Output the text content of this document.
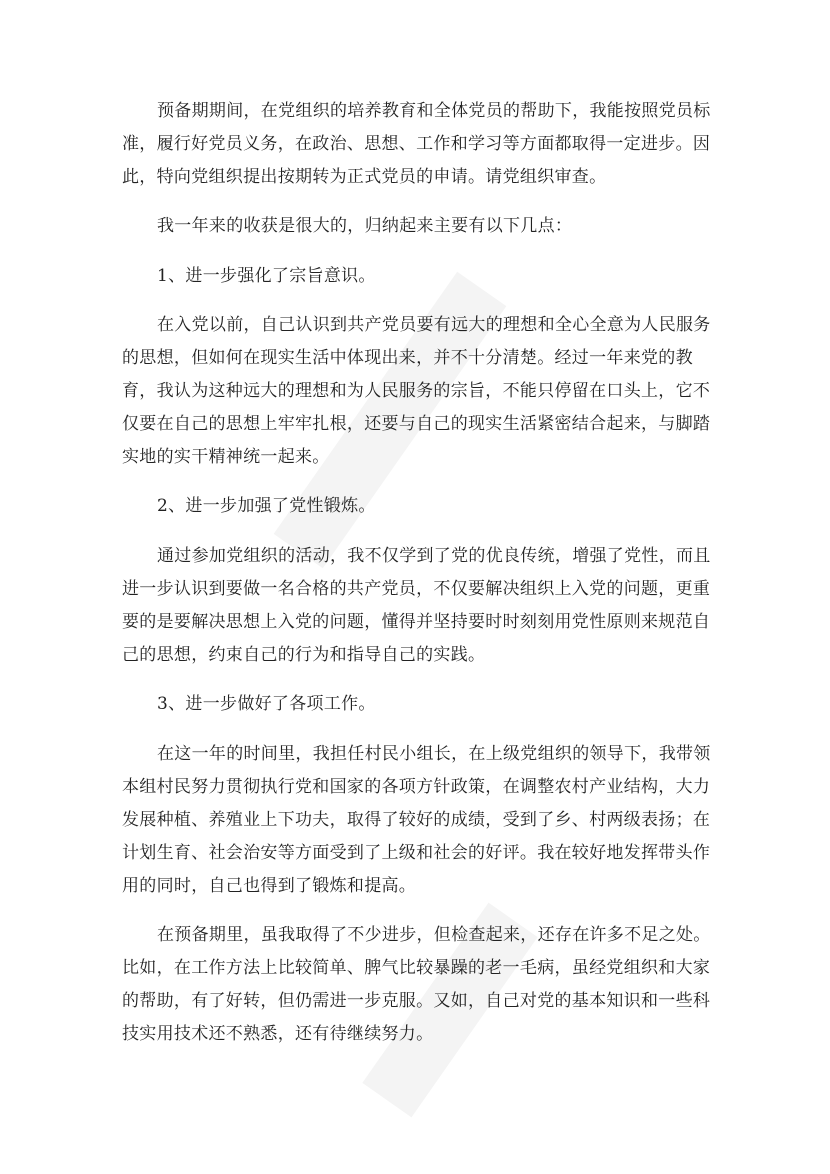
预备期期间，在党组织的培养教育和全体党员的帮助下，我能按照党员标
准，履行好党员义务，在政治、思想、工作和学习等方面都取得一定进步。因
此，特向党组织提出按期转为正式党员的申请。请党组织审查。
我一年来的收获是很大的，归纳起来主要有以下几点：
1、进一步强化了宗旨意识。
在入党以前，自己认识到共产党员要有远大的理想和全心全意为人民服务
的思想，但如何在现实生活中体现出来，并不十分清楚。经过一年来党的教
育，我认为这种远大的理想和为人民服务的宗旨，不能只停留在口头上，它不
仅要在自己的思想上牢牢扎根，还要与自己的现实生活紧密结合起来，与脚踏
实地的实干精神统一起来。
2、进一步加强了党性锻炼。
通过参加党组织的活动，我不仅学到了党的优良传统，增强了党性，而且
进一步认识到要做一名合格的共产党员，不仅要解决组织上入党的问题，更重
要的是要解决思想上入党的问题，懂得并坚持要时时刻刻用党性原则来规范自
己的思想，约束自己的行为和指导自己的实践。
3、进一步做好了各项工作。
在这一年的时间里，我担任村民小组长，在上级党组织的领导下，我带领
本组村民努力贯彻执行党和国家的各项方针政策，在调整农村产业结构，大力
发展种植、养殖业上下功夫，取得了较好的成绩，受到了乡、村两级表扬；在
计划生育、社会治安等方面受到了上级和社会的好评。我在较好地发挥带头作
用的同时，自己也得到了锻炼和提高。
在预备期里，虽我取得了不少进步，但检查起来，还存在许多不足之处。
比如，在工作方法上比较简单、脾气比较暴躁的老一毛病，虽经党组织和大家
的帮助，有了好转，但仍需进一步克服。又如，自己对党的基本知识和一些科
技实用技术还不熟悉，还有待继续努力。
